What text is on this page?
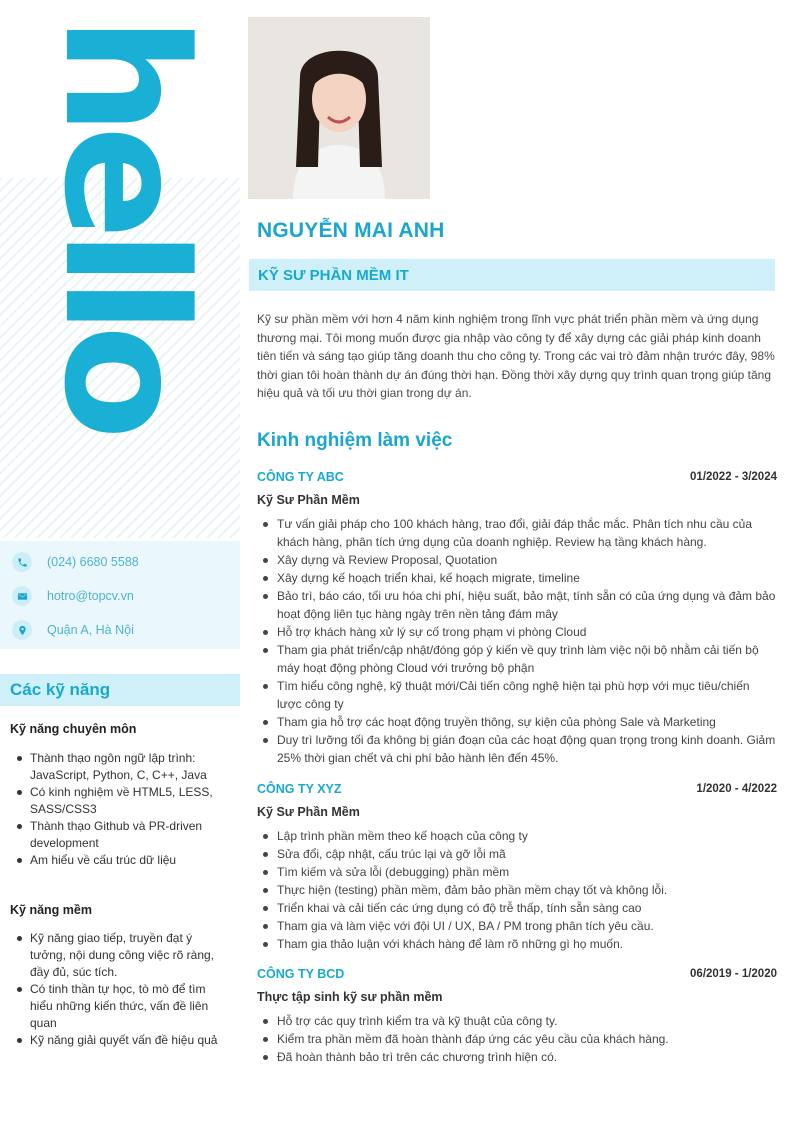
hello
(024) 6680 5588
hotro@topcv.vn
Quận A, Hà Nội
Các kỹ năng
Kỹ năng chuyên môn
Thành thạo ngôn ngữ lập trình: JavaScript, Python, C, C++, Java
Có kinh nghiệm về HTML5, LESS, SASS/CSS3
Thành thạo Github và PR-driven development
Am hiểu về cấu trúc dữ liệu
Kỹ năng mềm
Kỹ năng giao tiếp, truyền đạt ý tưởng, nội dung công việc rõ ràng, đầy đủ, súc tích.
Có tinh thần tự học, tò mò để tìm hiểu những kiến thức, vấn đề liên quan
Kỹ năng giải quyết vấn đề hiệu quả
NGUYỄN MAI ANH
KỸ SƯ PHẦN MỀM IT
Kỹ sư phần mềm với hơn 4 năm kinh nghiệm trong lĩnh vực phát triển phần mềm và ứng dụng thương mại. Tôi mong muốn được gia nhập vào công ty để xây dựng các giải pháp kinh doanh tiên tiến và sáng tạo giúp tăng doanh thu cho công ty. Trong các vai trò đảm nhận trước đây, 98% thời gian tôi hoàn thành dự án đúng thời hạn. Đồng thời xây dựng quy trình quan trọng giúp tăng hiệu quả và tối ưu thời gian trong dự án.
Kinh nghiệm làm việc
CÔNG TY ABC	01/2022 - 3/2024
Kỹ Sư Phần Mềm
Tư vấn giải pháp cho 100 khách hàng, trao đổi, giải đáp thắc mắc. Phân tích nhu cầu của khách hàng, phân tích ứng dụng của doanh nghiệp. Review hạ tầng khách hàng.
Xây dựng và Review Proposal, Quotation
Xây dựng kế hoạch triển khai, kế hoạch migrate, timeline
Bảo trì, báo cáo, tối ưu hóa chi phí, hiệu suất, bảo mật, tính sẵn có của ứng dụng và đảm bảo hoạt động liên tục hàng ngày trên nền tảng đám mây
Hỗ trợ khách hàng xử lý sự cố trong phạm vi phòng Cloud
Tham gia phát triển/cập nhật/đóng góp ý kiến về quy trình làm việc nội bộ nhằm cải tiến bộ máy hoạt động phòng Cloud với trưởng bộ phận
Tìm hiểu công nghệ, kỹ thuật mới/Cải tiến công nghệ hiện tại phù hợp với mục tiêu/chiến lược công ty
Tham gia hỗ trợ các hoạt động truyền thông, sự kiện của phòng Sale và Marketing
Duy trì lưỡng tối đa không bị gián đoạn của các hoạt động quan trọng trong kinh doanh. Giảm 25% thời gian chết và chi phí bảo hành lên đến 45%.
CÔNG TY XYZ	1/2020 - 4/2022
Kỹ Sư Phần Mềm
Lập trình phần mềm theo kế hoạch của công ty
Sửa đổi, cập nhật, cấu trúc lại và gỡ lỗi mã
Tìm kiếm và sửa lỗi (debugging) phần mềm
Thực hiện (testing) phần mềm, đảm bảo phần mềm chạy tốt và không lỗi.
Triển khai và cải tiến các ứng dụng có độ trễ thấp, tính sẵn sàng cao
Tham gia và làm việc với đội UI / UX, BA / PM trong phân tích yêu cầu.
Tham gia thảo luận với khách hàng để làm rõ những gì họ muốn.
CÔNG TY BCD	06/2019 - 1/2020
Thực tập sinh kỹ sư phần mềm
Hỗ trợ các quy trình kiểm tra và kỹ thuật của công ty.
Kiểm tra phần mềm đã hoàn thành đáp ứng các yêu cầu của khách hàng.
Đã hoàn thành bảo trì trên các chương trình hiện có.
